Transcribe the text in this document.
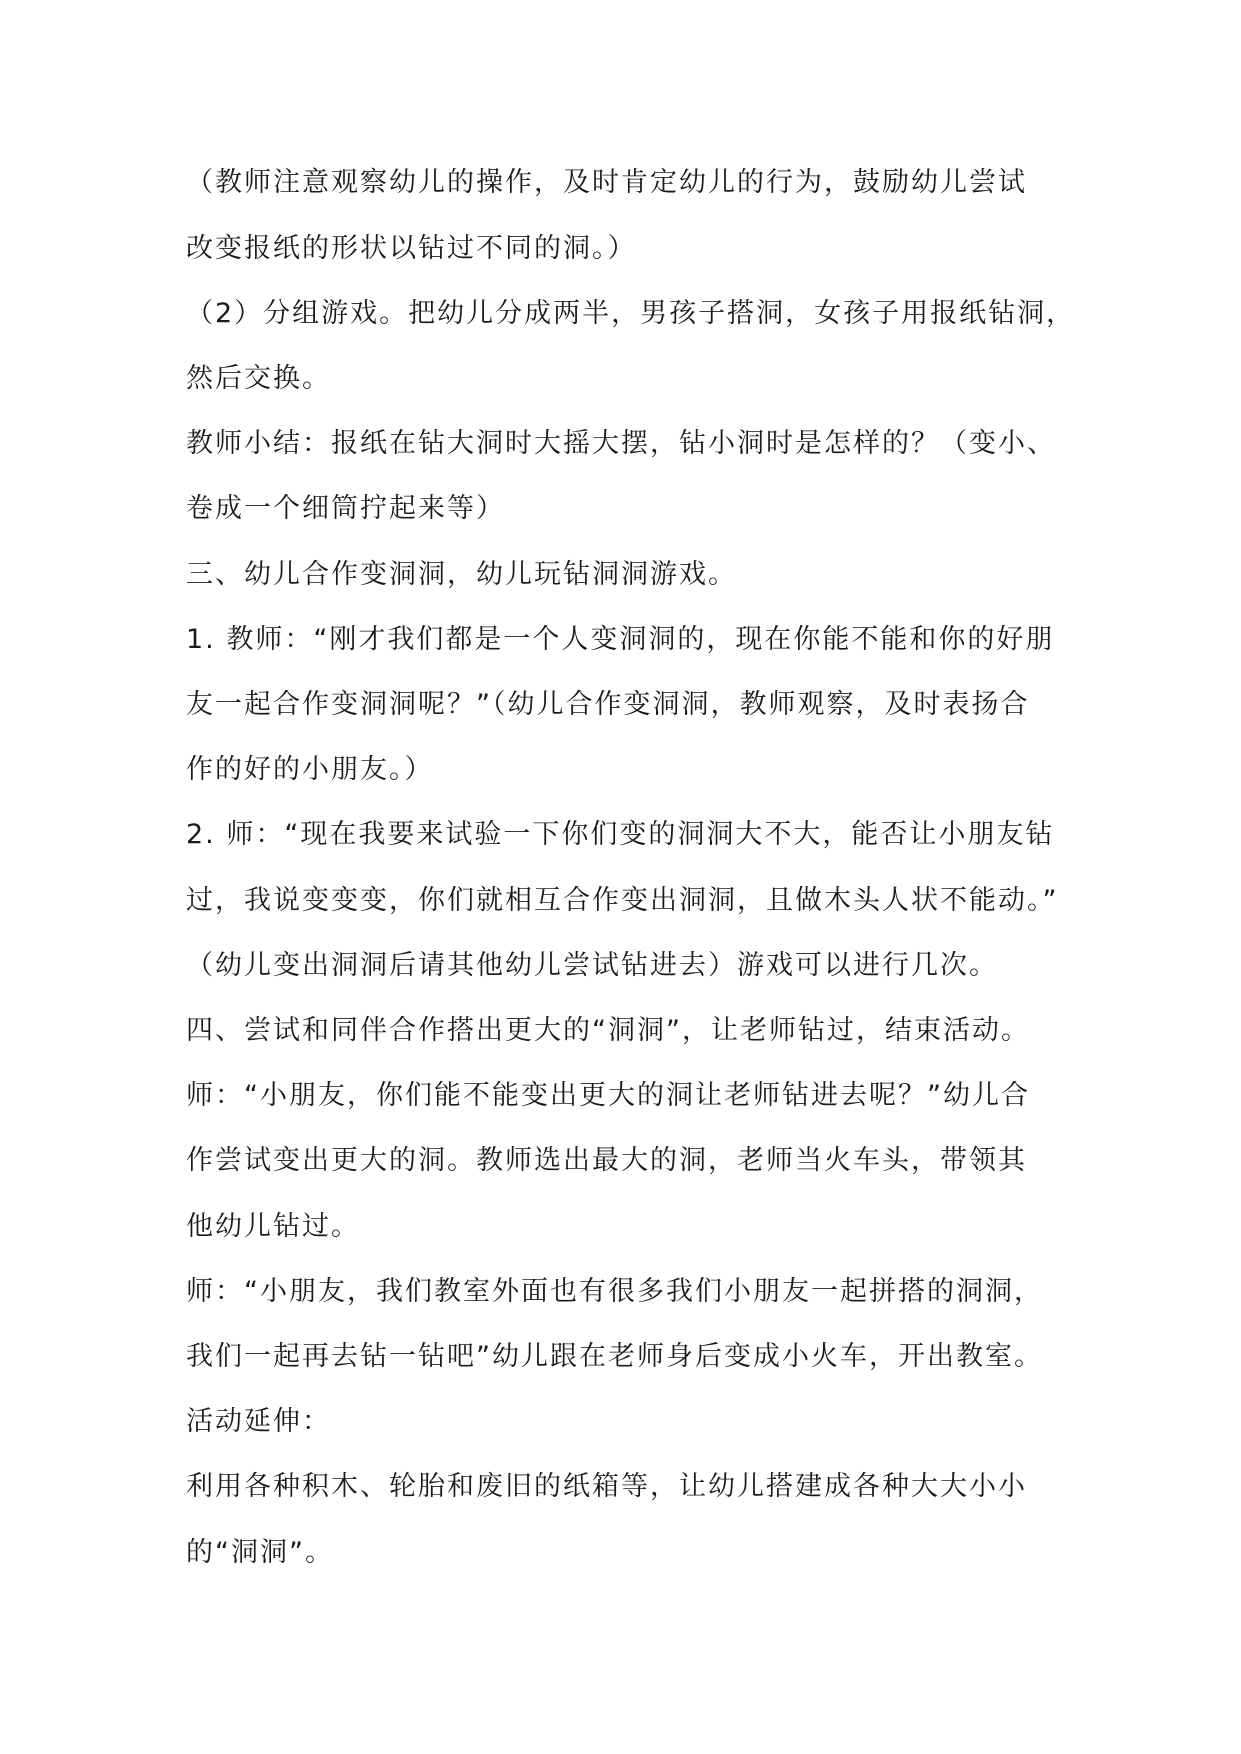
（教师注意观察幼儿的操作，及时肯定幼儿的行为，鼓励幼儿尝试
改变报纸的形状以钻过不同的洞。）
（2）分组游戏。把幼儿分成两半，男孩子搭洞，女孩子用报纸钻洞，
然后交换。
教师小结：报纸在钻大洞时大摇大摆，钻小洞时是怎样的？（变小、
卷成一个细筒拧起来等）
三、幼儿合作变洞洞，幼儿玩钻洞洞游戏。
1. 教师：“刚才我们都是一个人变洞洞的，现在你能不能和你的好朋
友一起合作变洞洞呢？”（幼儿合作变洞洞，教师观察，及时表扬合
作的好的小朋友。）
2. 师：“现在我要来试验一下你们变的洞洞大不大，能否让小朋友钻
过，我说变变变，你们就相互合作变出洞洞，且做木头人状不能动。”
（幼儿变出洞洞后请其他幼儿尝试钻进去）游戏可以进行几次。
四、尝试和同伴合作搭出更大的“洞洞”，让老师钻过，结束活动。
师：“小朋友，你们能不能变出更大的洞让老师钻进去呢？”幼儿合
作尝试变出更大的洞。教师选出最大的洞，老师当火车头，带领其
他幼儿钻过。
师：“小朋友，我们教室外面也有很多我们小朋友一起拼搭的洞洞，
我们一起再去钻一钻吧”幼儿跟在老师身后变成小火车，开出教室。
活动延伸：
利用各种积木、轮胎和废旧的纸箱等，让幼儿搭建成各种大大小小
的“洞洞”。
